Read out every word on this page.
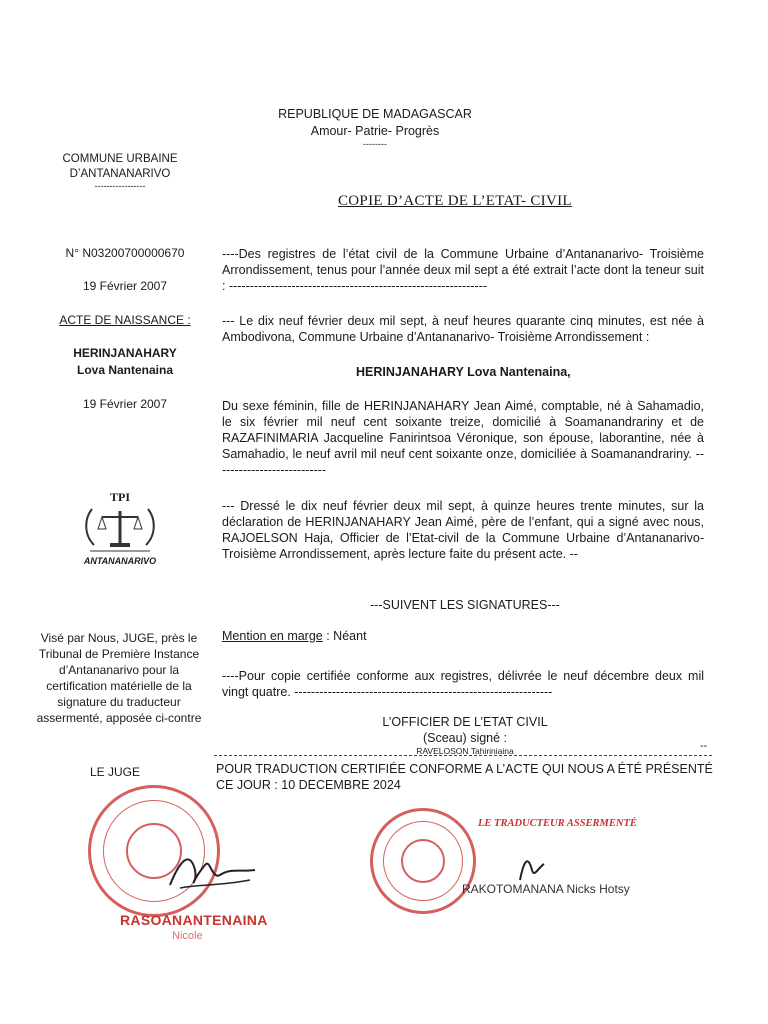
REPUBLIQUE DE MADAGASCAR
Amour- Patrie- Progrès
--------
COMMUNE URBAINE
D’ANTANANARIVO
-----------------
COPIE D’ACTE DE L’ETAT- CIVIL
N° N03200700000670
19 Février 2007
ACTE DE NAISSANCE :
HERINJANAHARY
Lova Nantenaina
19 Février 2007
TPI
ANTANANARIVO
Visé par Nous, JUGE, près le Tribunal de Première Instance d’Antananarivo pour la certification matérielle de la signature du traducteur assermenté, apposée ci-contre
LE JUGE
----Des registres de l’état civil de la Commune Urbaine d’Antananarivo- Troisième Arrondissement, tenus pour l’année deux mil sept a été extrait l’acte dont la teneur suit : --------------------------------------------------------------
--- Le dix neuf février deux mil sept, à neuf heures quarante cinq minutes, est née à Ambodivona, Commune Urbaine d’Antananarivo- Troisième Arrondissement :
HERINJANAHARY Lova Nantenaina,
Du sexe féminin, fille de HERINJANAHARY Jean Aimé, comptable, né à Sahamadio, le six février mil neuf cent soixante treize, domicilié à Soamanandrariny et de RAZAFINIMARIA Jacqueline Fanirintsoa Véronique, son épouse, laborantine, née à Samahadio, le neuf avril mil neuf cent soixante onze, domiciliée à Soamanandrariny. ---------------------------
--- Dressé le dix neuf février deux mil sept, à quinze heures trente minutes, sur la déclaration de HERINJANAHARY Jean Aimé, père de l’enfant, qui a signé avec nous, RAJOELSON Haja, Officier de l’Etat-civil de la Commune Urbaine d’Antananarivo- Troisième Arrondissement, après lecture faite du présent acte. --
---SUIVENT LES SIGNATURES---
Mention en marge : Néant
----Pour copie certifiée conforme aux registres, délivrée le neuf décembre deux mil vingt quatre. --------------------------------------------------------------
L’OFFICIER DE L’ETAT CIVIL
(Sceau) signé :
RAVELOSON Tahiriniaina	--
POUR TRADUCTION CERTIFIÉE CONFORME A L’ACTE QUI NOUS A ÉTÉ PRÉSENTÉ
CE JOUR : 10 DECEMBRE 2024
RASOANANTENAINA
Nicole
LE TRADUCTEUR ASSERMENTÉ
RAKOTOMANANA Nicks Hotsy
